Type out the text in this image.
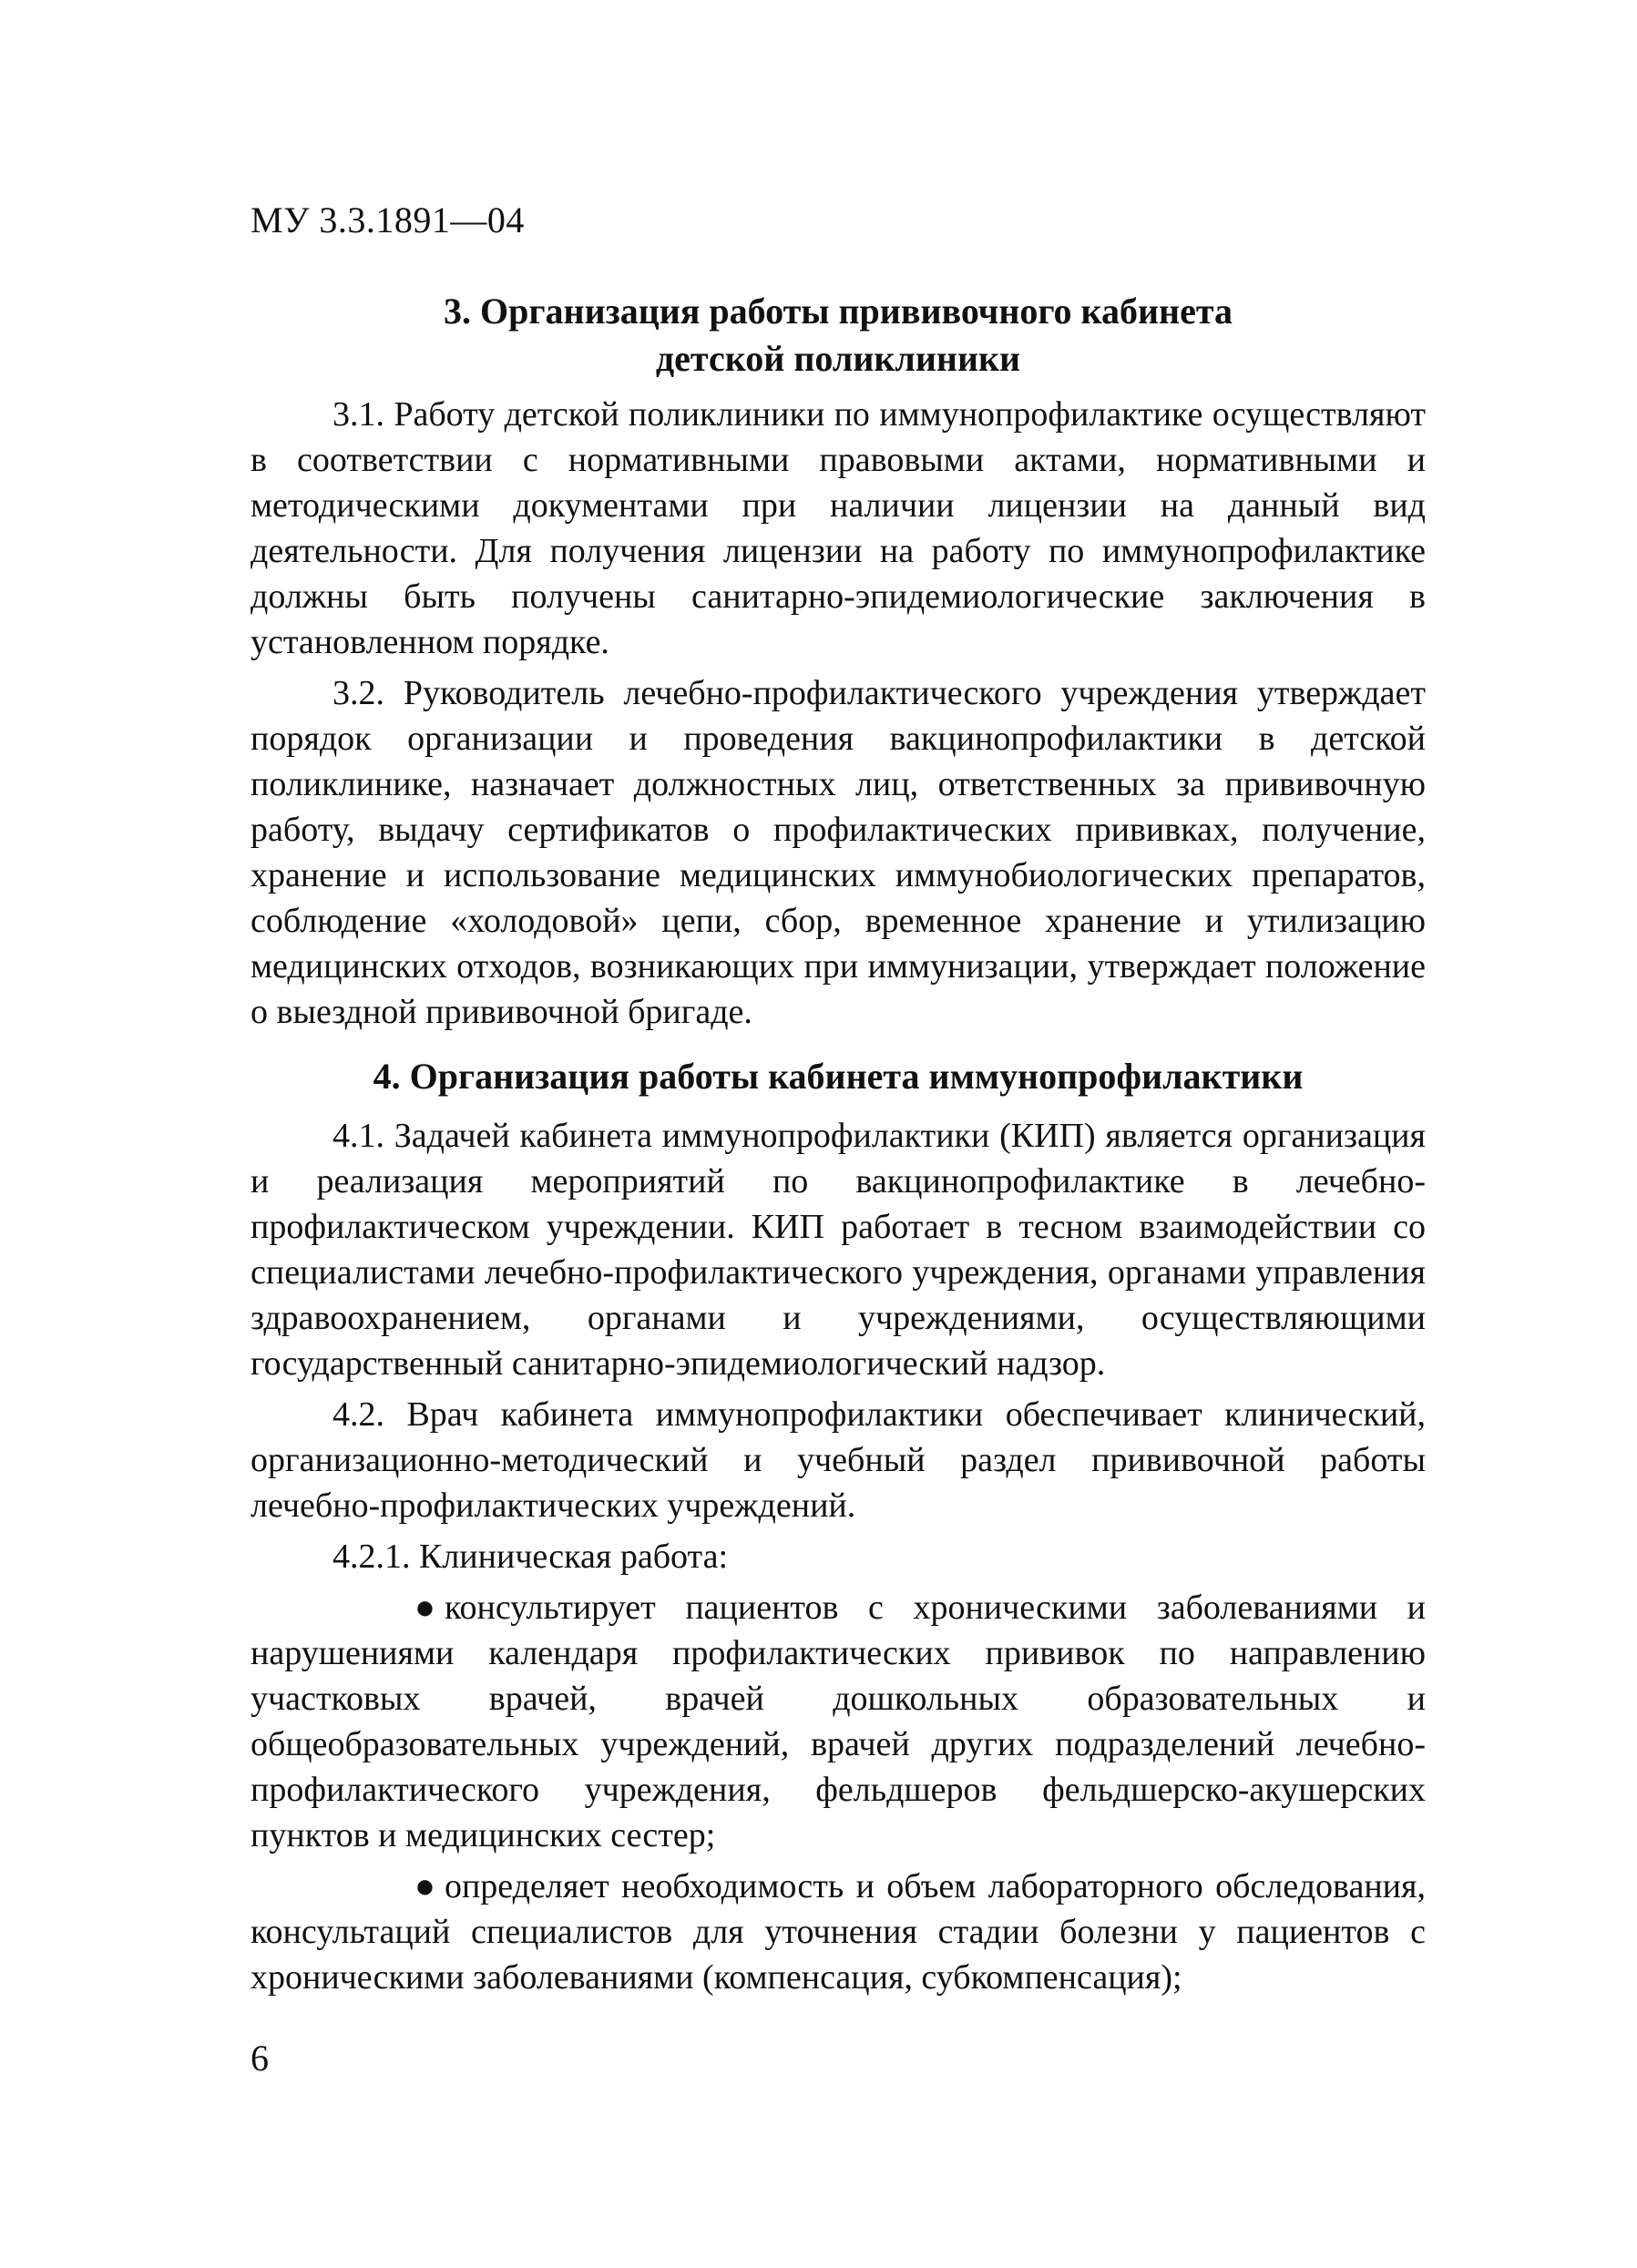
МУ 3.3.1891—04
3. Организация работы прививочного кабинета
детской поликлиники

3.1. Работу детской поликлиники по иммунопрофилактике осуществляют в соответствии с нормативными правовыми актами, нормативными и методическими документами при наличии лицензии на данный вид деятельности. Для получения лицензии на работу по иммунопрофилактике должны быть получены санитарно-эпидемиологические заключения в установленном порядке.

3.2. Руководитель лечебно-профилактического учреждения утверждает порядок организации и проведения вакцинопрофилактики в детской поликлинике, назначает должностных лиц, ответственных за прививочную работу, выдачу сертификатов о профилактических прививках, получение, хранение и использование медицинских иммунобиологических препаратов, соблюдение «холодовой» цепи, сбор, временное хранение и утилизацию медицинских отходов, возникающих при иммунизации, утверждает положение о выездной прививочной бригаде.

4. Организация работы кабинета иммунопрофилактики

4.1. Задачей кабинета иммунопрофилактики (КИП) является организация и реализация мероприятий по вакцинопрофилактике в лечебно-профилактическом учреждении. КИП работает в тесном взаимодействии со специалистами лечебно-профилактического учреждения, органами управления здравоохранением, органами и учреждениями, осуществляющими государственный санитарно-эпидемиологический надзор.

4.2. Врач кабинета иммунопрофилактики обеспечивает клинический, организационно-методический и учебный раздел прививочной работы лечебно-профилактических учреждений.

4.2.1. Клиническая работа:

● консультирует пациентов с хроническими заболеваниями и нарушениями календаря профилактических прививок по направлению участковых врачей, врачей дошкольных образовательных и общеобразовательных учреждений, врачей других подразделений лечебно-профилактического учреждения, фельдшеров фельдшерско-акушерских пунктов и медицинских сестер;

● определяет необходимость и объем лабораторного обследования, консультаций специалистов для уточнения стадии болезни у пациентов с хроническими заболеваниями (компенсация, субкомпенсация);

6
